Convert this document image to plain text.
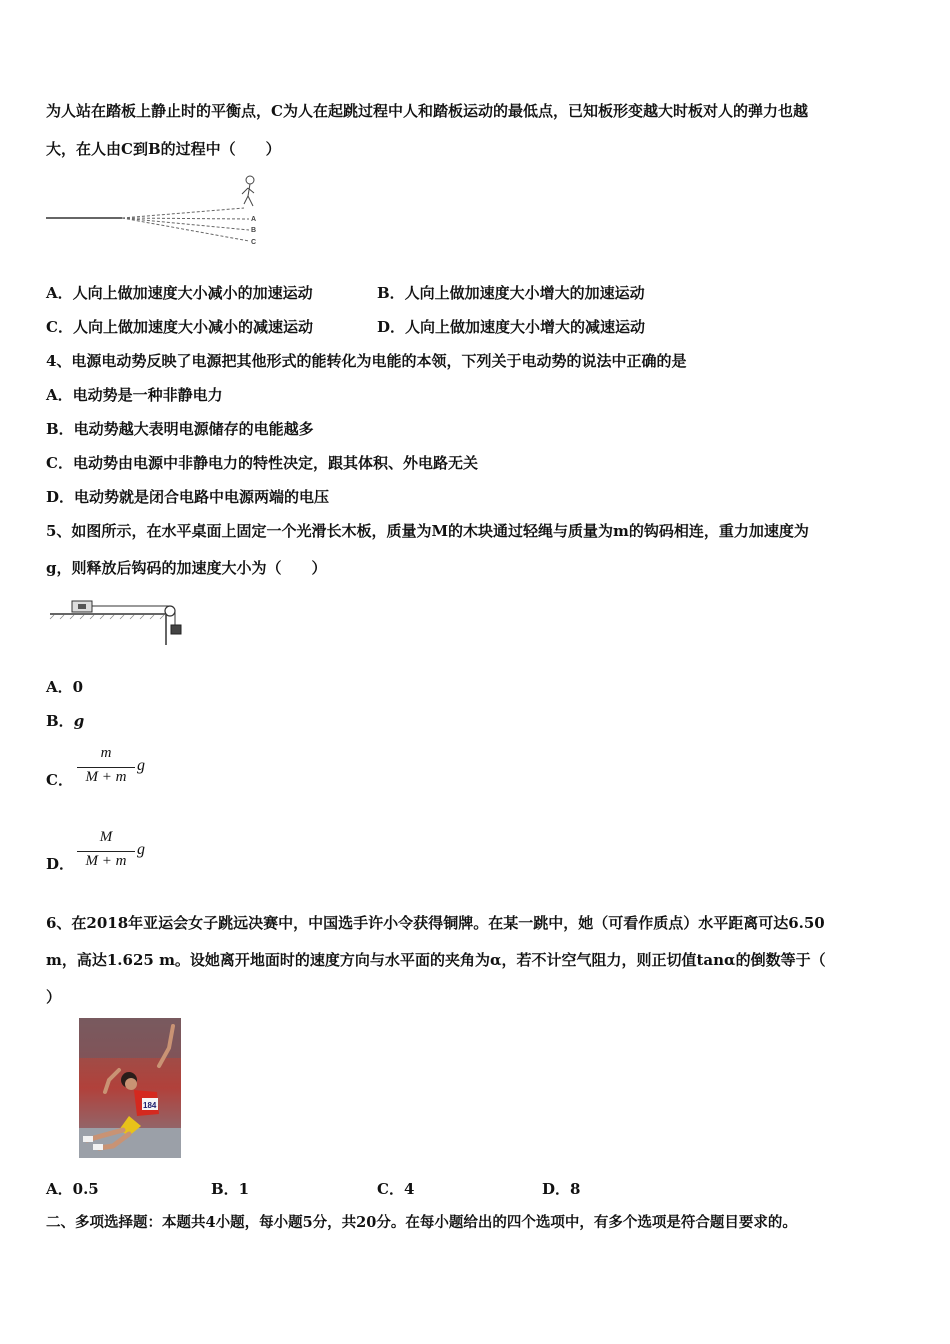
为人站在踏板上静止时的平衡点，C为人在起跳过程中人和踏板运动的最低点，已知板形变越大时板对人的弹力也越
大，在人由C到B的过程中（　　）
A
B
C
A．人向上做加速度大小减小的加速运动	B．人向上做加速度大小增大的加速运动
C．人向上做加速度大小减小的减速运动	D．人向上做加速度大小增大的减速运动
4、电源电动势反映了电源把其他形式的能转化为电能的本领，下列关于电动势的说法中正确的是
A．电动势是一种非静电力
B．电动势越大表明电源储存的电能越多
C．电动势由电源中非静电力的特性决定，跟其体积、外电路无关
D．电动势就是闭合电路中电源两端的电压
5、如图所示，在水平桌面上固定一个光滑长木板，质量为M的木块通过轻绳与质量为m的钩码相连，重力加速度为
g，则释放后钩码的加速度大小为（　　）
A．0
B．g
C．
m
M + m
g
D．
M
M + m
g
6、在2018年亚运会女子跳远决赛中，中国选手许小令获得铜牌。在某一跳中，她（可看作质点）水平距离可达6.50
m，高达1.625 m。设她离开地面时的速度方向与水平面的夹角为α，若不计空气阻力，则正切值tanα的倒数等于（
）
184
A．0.5	B．1	C．4	D．8
二、多项选择题：本题共4小题，每小题5分，共20分。在每小题给出的四个选项中，有多个选项是符合题目要求的。
